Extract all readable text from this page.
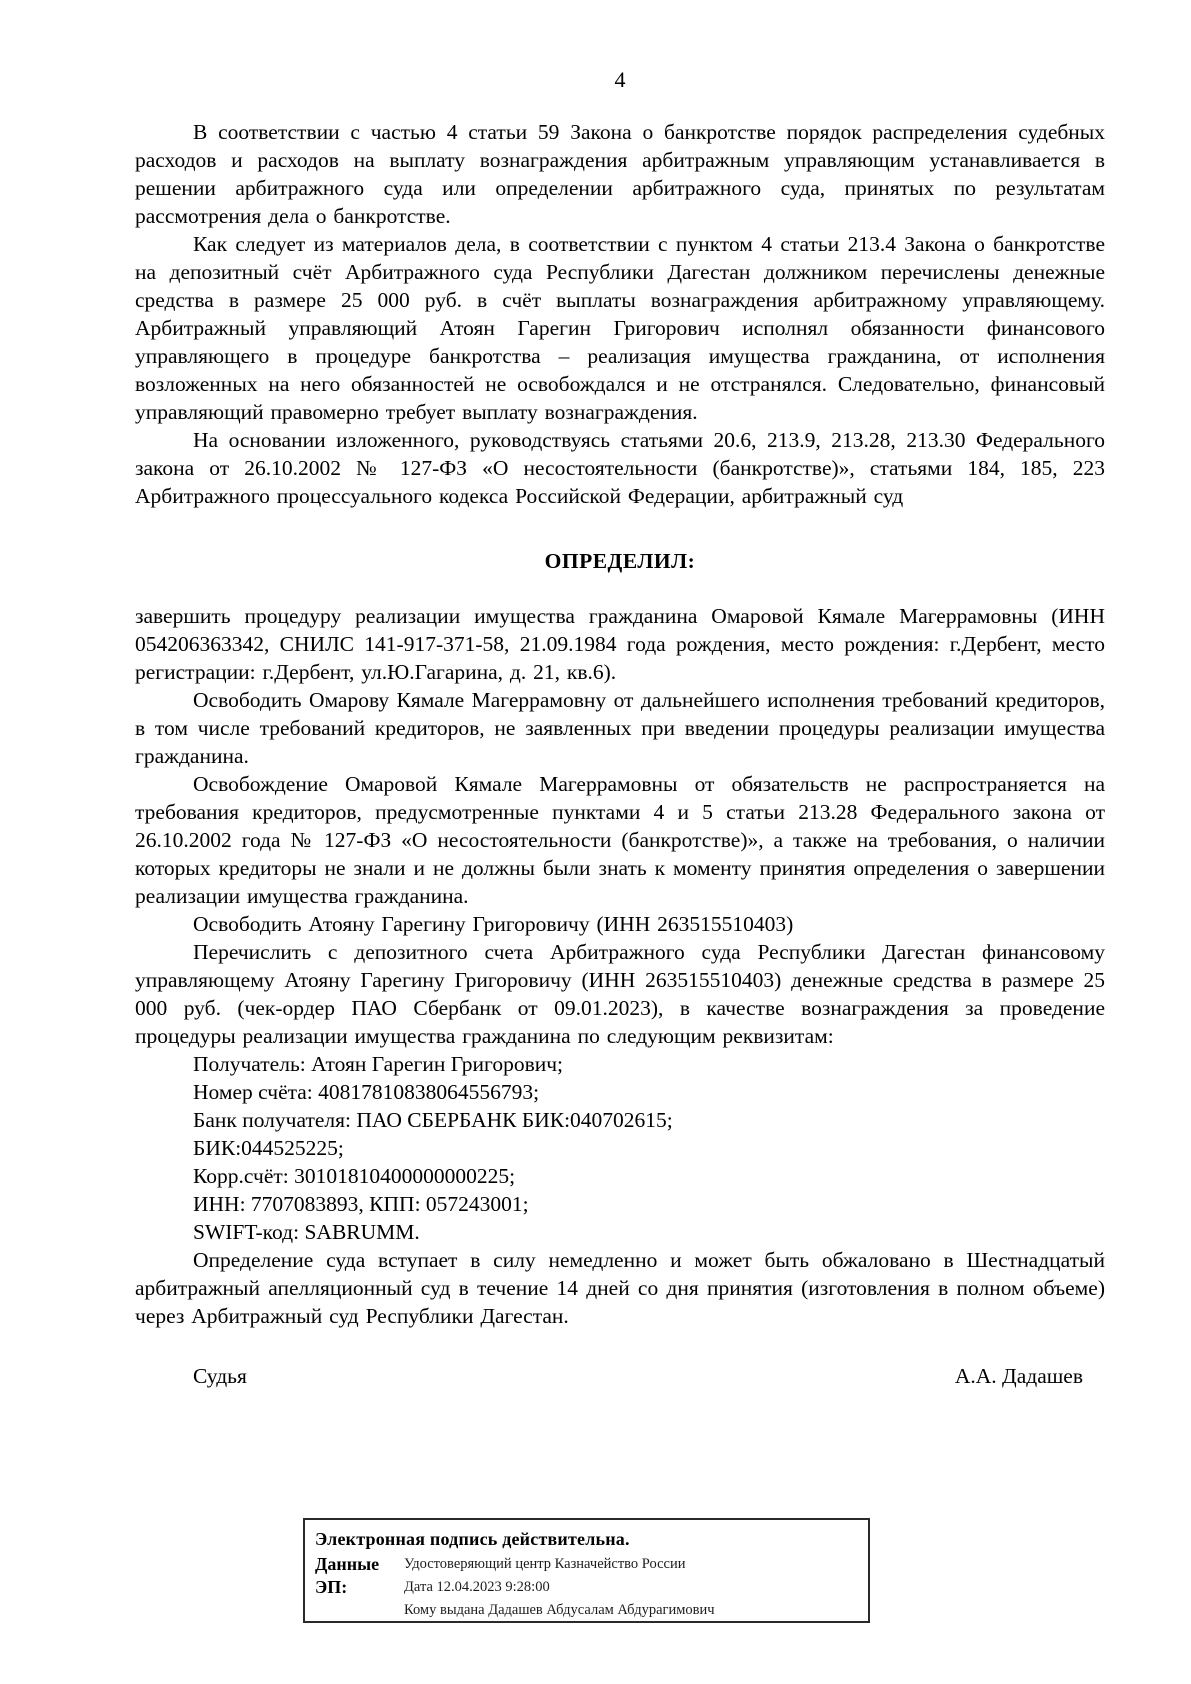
4

В соответствии с частью 4 статьи 59 Закона о банкротстве порядок распределения судебных расходов и расходов на выплату вознаграждения арбитражным управляющим устанавливается в решении арбитражного суда или определении арбитражного суда, принятых по результатам рассмотрения дела о банкротстве.

Как следует из материалов дела, в соответствии с пунктом 4 статьи 213.4 Закона о банкротстве на депозитный счёт Арбитражного суда Республики Дагестан должником перечислены денежные средства в размере 25 000 руб. в счёт выплаты вознаграждения арбитражному управляющему. Арбитражный управляющий Атоян Гарегин Григорович исполнял обязанности финансового управляющего в процедуре банкротства – реализация имущества гражданина, от исполнения возложенных на него обязанностей не освобождался и не отстранялся. Следовательно, финансовый управляющий правомерно требует выплату вознаграждения.

На основании изложенного, руководствуясь статьями 20.6, 213.9, 213.28, 213.30 Федерального закона от 26.10.2002 № 127-ФЗ «О несостоятельности (банкротстве)», статьями 184, 185, 223 Арбитражного процессуального кодекса Российской Федерации, арбитражный суд

ОПРЕДЕЛИЛ:

завершить процедуру реализации имущества гражданина Омаровой Кямале Магеррамовны (ИНН 054206363342, СНИЛС 141-917-371-58, 21.09.1984 года рождения, место рождения: г.Дербент, место регистрации: г.Дербент, ул.Ю.Гагарина, д. 21, кв.6).

Освободить Омарову Кямале Магеррамовну от дальнейшего исполнения требований кредиторов, в том числе требований кредиторов, не заявленных при введении процедуры реализации имущества гражданина.

Освобождение Омаровой Кямале Магеррамовны от обязательств не распространяется на требования кредиторов, предусмотренные пунктами 4 и 5 статьи 213.28 Федерального закона от 26.10.2002 года № 127-ФЗ «О несостоятельности (банкротстве)», а также на требования, о наличии которых кредиторы не знали и не должны были знать к моменту принятия определения о завершении реализации имущества гражданина.

Освободить Атояну Гарегину Григоровичу (ИНН 263515510403)

Перечислить с депозитного счета Арбитражного суда Республики Дагестан финансовому управляющему Атояну Гарегину Григоровичу (ИНН 263515510403) денежные средства в размере 25 000 руб. (чек-ордер ПАО Сбербанк от 09.01.2023), в качестве вознаграждения за проведение процедуры реализации имущества гражданина по следующим реквизитам:

Получатель: Атоян Гарегин Григорович;

Номер счёта: 40817810838064556793;

Банк получателя: ПАО СБЕРБАНК БИК:040702615;

БИК:044525225;

Корр.счёт: 30101810400000000225;

ИНН: 7707083893, КПП: 057243001;

SWIFT-код: SABRUMM.

Определение суда вступает в силу немедленно и может быть обжаловано в Шестнадцатый арбитражный апелляционный суд в течение 14 дней со дня принятия (изготовления в полном объеме) через Арбитражный суд Республики Дагестан.

Судья	А.А. Дадашев
Электронная подпись действительна.
Данные ЭП:
Удостоверяющий центр Казначейство России
Дата 12.04.2023 9:28:00
Кому выдана Дадашев Абдусалам Абдурагимович
